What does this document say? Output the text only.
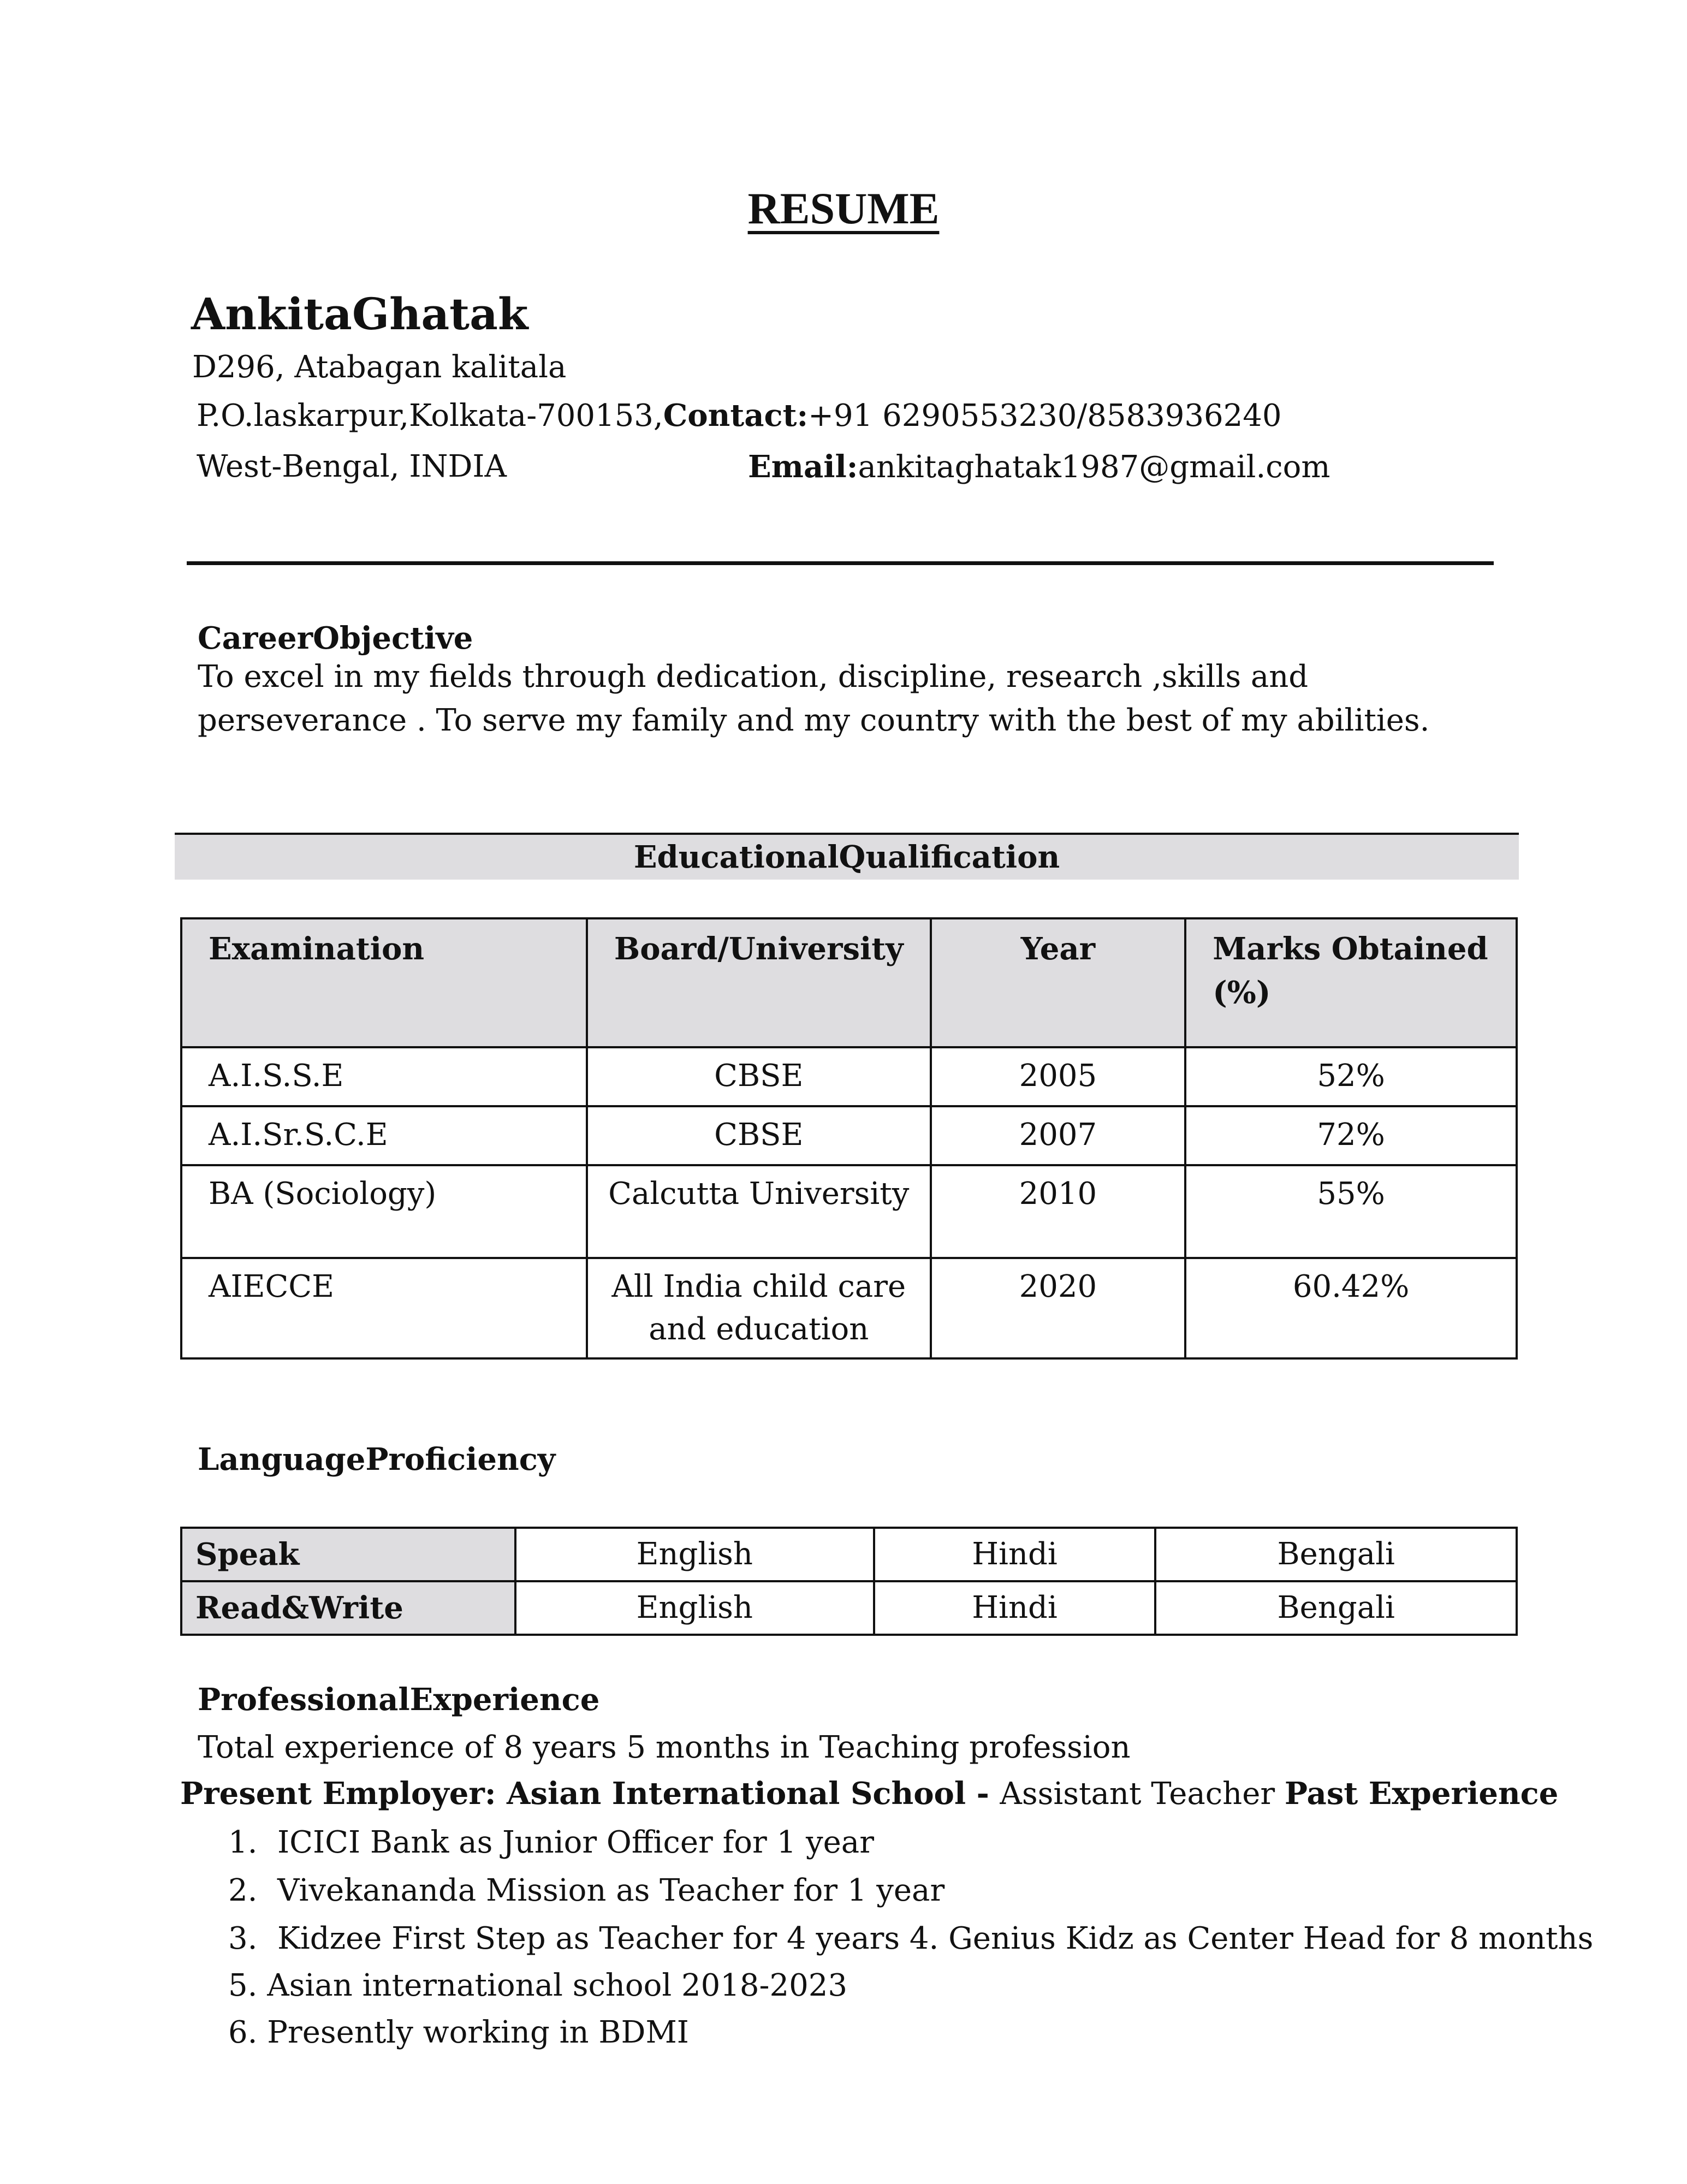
RESUME
AnkitaGhatak
D296, Atabagan kalitala
P.O.laskarpur,Kolkata-700153,Contact:+91 6290553230/8583936240
West-Bengal, INDIA	Email:ankitaghatak1987@gmail.com
CareerObjective
To excel in my fields through dedication, discipline, research ,skills and perseverance . To serve my family and my country with the best of my abilities.
EducationalQualification
Examination	Board/University	Year	Marks Obtained (%)
A.I.S.S.E	CBSE	2005	52%
A.I.Sr.S.C.E	CBSE	2007	72%
BA (Sociology)	Calcutta University	2010	55%
AIECCE	All India child care and education	2020	60.42%
LanguageProficiency
Speak	English	Hindi	Bengali
Read&Write	English	Hindi	Bengali
ProfessionalExperience
Total experience of 8 years 5 months in Teaching profession
Present Employer: Asian International School - Assistant Teacher Past Experience
1. ICICI Bank as Junior Officer for 1 year
2. Vivekananda Mission as Teacher for 1 year
3. Kidzee First Step as Teacher for 4 years 4. Genius Kidz as Center Head for 8 months
5. Asian international school 2018-2023
6. Presently working in BDMI
